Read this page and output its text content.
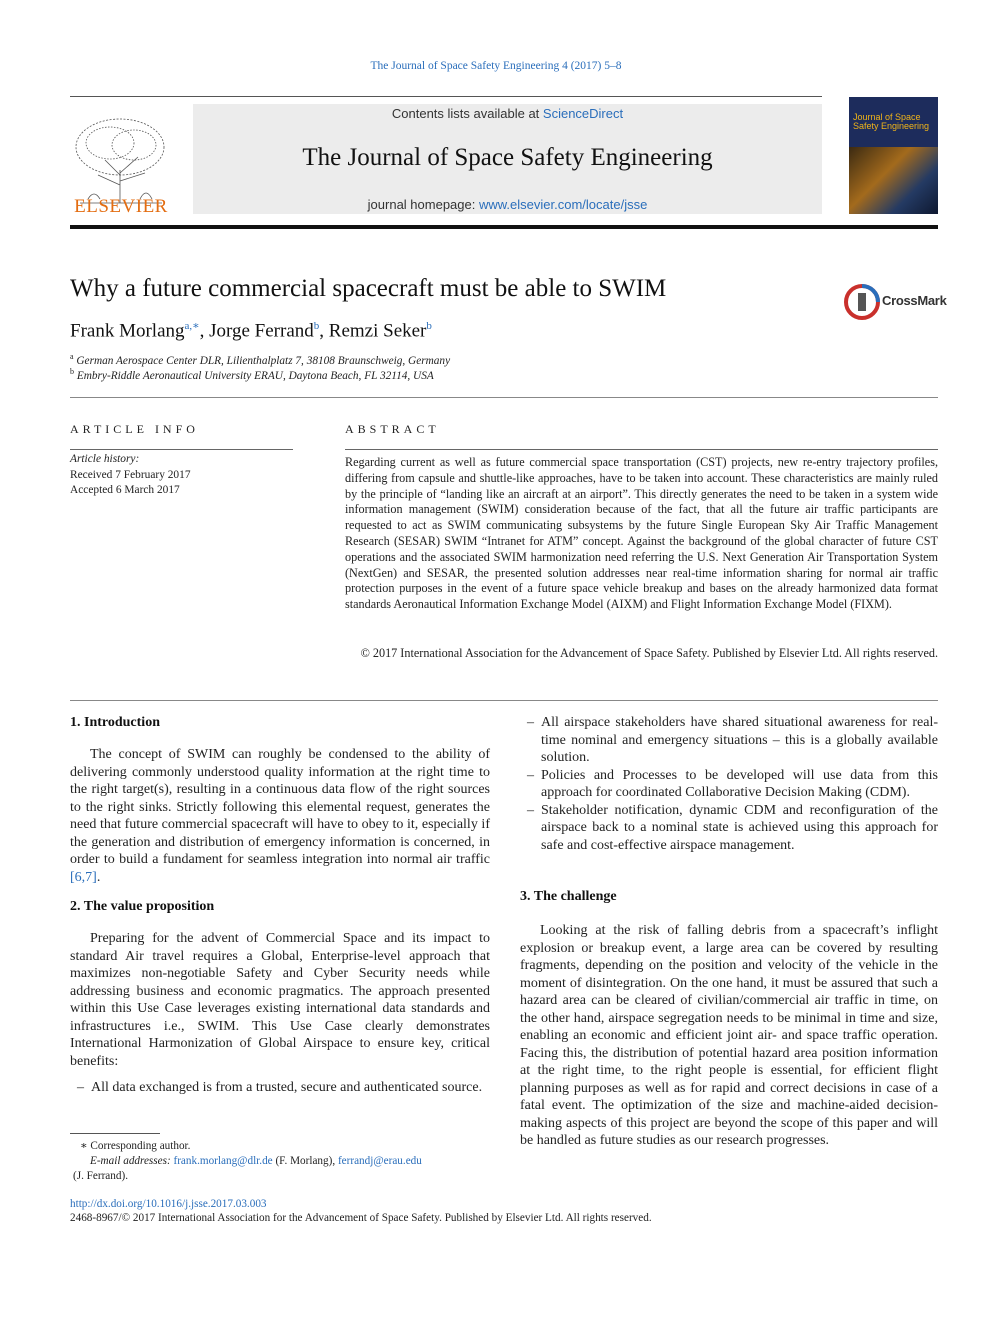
The Journal of Space Safety Engineering 4 (2017) 5–8
ELSEVIER
Contents lists available at ScienceDirect
The Journal of Space Safety Engineering
journal homepage: www.elsevier.com/locate/jsse
Journal of Space Safety Engineering
Why a future commercial spacecraft must be able to SWIM	CrossMark
Frank Morlang$^{a,∗}$, Jorge Ferrand$^b$, Remzi Seker$^b$
$^a$ German Aerospace Center DLR, Lilienthalplatz 7, 38108 Braunschweig, Germany
$^b$ Embry-Riddle Aeronautical University ERAU, Daytona Beach, FL 32114, USA
ARTICLE INFO	ABSTRACT
Article history:
Received 7 February 2017
Accepted 6 March 2017
Regarding current as well as future commercial space transportation (CST) projects, new re-entry trajectory profiles, differing from capsule and shuttle-like approaches, have to be taken into account. These characteristics are mainly ruled by the principle of “landing like an aircraft at an airport”. This directly generates the need to be taken in a system wide information management (SWIM) consideration because of the fact, that all the future air traffic participants are requested to act as SWIM communicating subsystems by the future Single European Sky Air Traffic Management Research (SESAR) SWIM “Intranet for ATM” concept. Against the background of the global character of future CST operations and the associated SWIM harmonization need referring the U.S. Next Generation Air Transportation System (NextGen) and SESAR, the presented solution addresses near real-time information sharing for normal air traffic protection purposes in the event of a future space vehicle breakup and bases on the already harmonized data format standards Aeronautical Information Exchange Model (AIXM) and Flight Information Exchange Model (FIXM).
© 2017 International Association for the Advancement of Space Safety. Published by Elsevier Ltd. All rights reserved.
1. Introduction
The concept of SWIM can roughly be condensed to the ability of delivering commonly understood quality information at the right time to the right target(s), resulting in a continuous data flow of the right sources to the right sinks. Strictly following this elemental request, generates the need that future commercial spacecraft will have to obey to it, especially if the generation and distribution of emergency information is concerned, in order to build a fundament for seamless integration into normal air traffic [6,7].
2. The value proposition
Preparing for the advent of Commercial Space and its impact to standard Air travel requires a Global, Enterprise-level approach that maximizes non-negotiable Safety and Cyber Security needs while addressing business and economic pragmatics. The approach presented within this Use Case leverages existing international data standards and infrastructures i.e., SWIM. This Use Case clearly demonstrates International Harmonization of Global Airspace to ensure key, critical benefits:
– All data exchanged is from a trusted, secure and authenticated source.
– All airspace stakeholders have shared situational awareness for real-time nominal and emergency situations – this is a globally available solution.
– Policies and Processes to be developed will use data from this approach for coordinated Collaborative Decision Making (CDM).
– Stakeholder notification, dynamic CDM and reconfiguration of the airspace back to a nominal state is achieved using this approach for safe and cost-effective airspace management.
3. The challenge
Looking at the risk of falling debris from a spacecraft’s inflight explosion or breakup event, a large area can be covered by resulting fragments, depending on the position and velocity of the vehicle in the moment of disintegration. On the one hand, it must be assured that such a hazard area can be cleared of civilian/commercial air traffic in time, on the other hand, airspace segregation needs to be minimal in time and size, enabling an economic and efficient joint air- and space traffic operation. Facing this, the distribution of potential hazard area position information at the right time, to the right people is essential, for efficient flight planning purposes as well as for rapid and correct decisions in case of a fatal event. The optimization of the size and machine-aided decision-making aspects of this project are beyond the scope of this paper and will be handled as future studies as our research progresses.
∗ Corresponding author.
E-mail addresses: frank.morlang@dlr.de (F. Morlang), ferrandj@erau.edu
(J. Ferrand).
http://dx.doi.org/10.1016/j.jsse.2017.03.003
2468-8967/© 2017 International Association for the Advancement of Space Safety. Published by Elsevier Ltd. All rights reserved.
